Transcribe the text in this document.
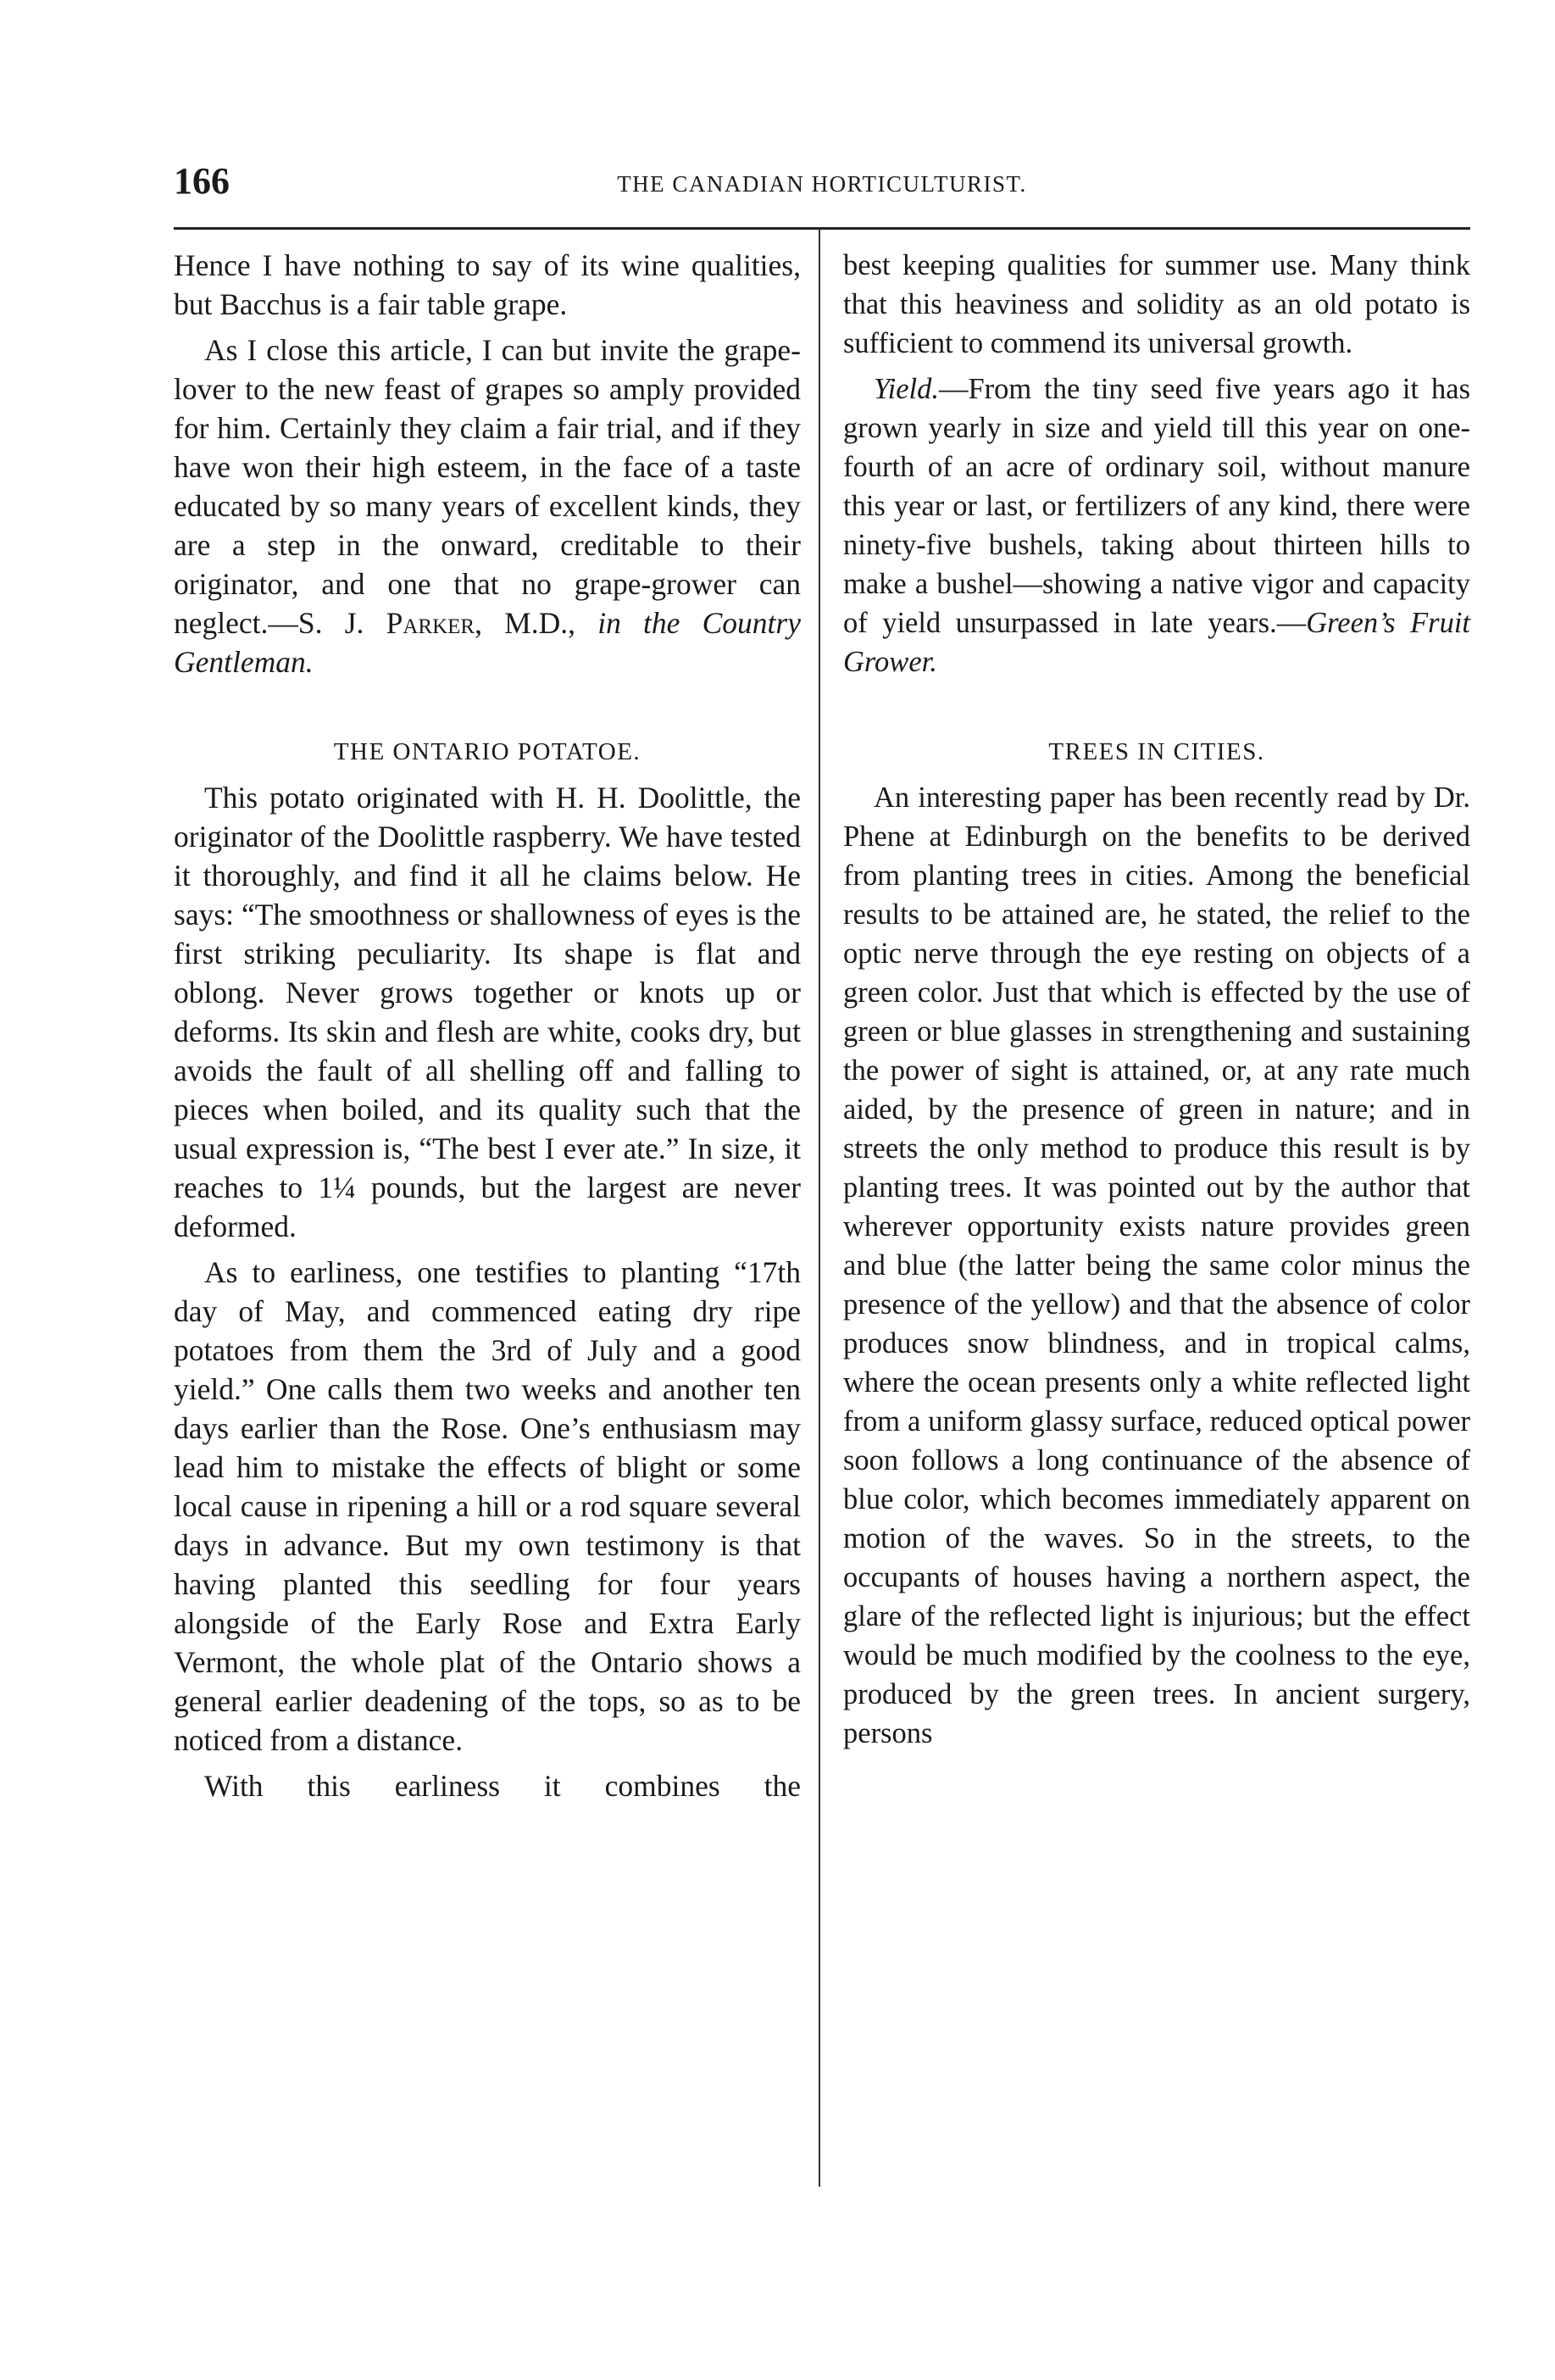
166	THE CANADIAN HORTICULTURIST.

Hence I have nothing to say of its wine qualities, but Bacchus is a fair table grape.

As I close this article, I can but invite the grape-lover to the new feast of grapes so amply provided for him. Certainly they claim a fair trial, and if they have won their high esteem, in the face of a taste educated by so many years of excellent kinds, they are a step in the onward, creditable to their originator, and one that no grape-grower can neglect.—S. J. Parker, M.D., in the Country Gentleman.

THE ONTARIO POTATOE.

This potato originated with H. H. Doolittle, the originator of the Doolittle raspberry. We have tested it thoroughly, and find it all he claims below. He says: “The smoothness or shallowness of eyes is the first striking peculiarity. Its shape is flat and oblong. Never grows together or knots up or deforms. Its skin and flesh are white, cooks dry, but avoids the fault of all shelling off and falling to pieces when boiled, and its quality such that the usual expression is, “The best I ever ate.” In size, it reaches to 1¼ pounds, but the largest are never deformed.

As to earliness, one testifies to planting “17th day of May, and commenced eating dry ripe potatoes from them the 3rd of July and a good yield.” One calls them two weeks and another ten days earlier than the Rose. One’s enthusiasm may lead him to mistake the effects of blight or some local cause in ripening a hill or a rod square several days in advance. But my own testimony is that having planted this seedling for four years alongside of the Early Rose and Extra Early Vermont, the whole plat of the Ontario shows a general earlier deadening of the tops, so as to be noticed from a distance.

With this earliness it combines the

best keeping qualities for summer use. Many think that this heaviness and solidity as an old potato is sufficient to commend its universal growth.

Yield.—From the tiny seed five years ago it has grown yearly in size and yield till this year on one-fourth of an acre of ordinary soil, without manure this year or last, or fertilizers of any kind, there were ninety-five bushels, taking about thirteen hills to make a bushel—showing a native vigor and capacity of yield unsurpassed in late years.—Green’s Fruit Grower.

TREES IN CITIES.

An interesting paper has been recently read by Dr. Phene at Edinburgh on the benefits to be derived from planting trees in cities. Among the beneficial results to be attained are, he stated, the relief to the optic nerve through the eye resting on objects of a green color. Just that which is effected by the use of green or blue glasses in strengthening and sustaining the power of sight is attained, or, at any rate much aided, by the presence of green in nature; and in streets the only method to produce this result is by planting trees. It was pointed out by the author that wherever opportunity exists nature provides green and blue (the latter being the same color minus the presence of the yellow) and that the absence of color produces snow blindness, and in tropical calms, where the ocean presents only a white reflected light from a uniform glassy surface, reduced optical power soon follows a long continuance of the absence of blue color, which becomes immediately apparent on motion of the waves. So in the streets, to the occupants of houses having a northern aspect, the glare of the reflected light is injurious; but the effect would be much modified by the coolness to the eye, produced by the green trees. In ancient surgery, persons
